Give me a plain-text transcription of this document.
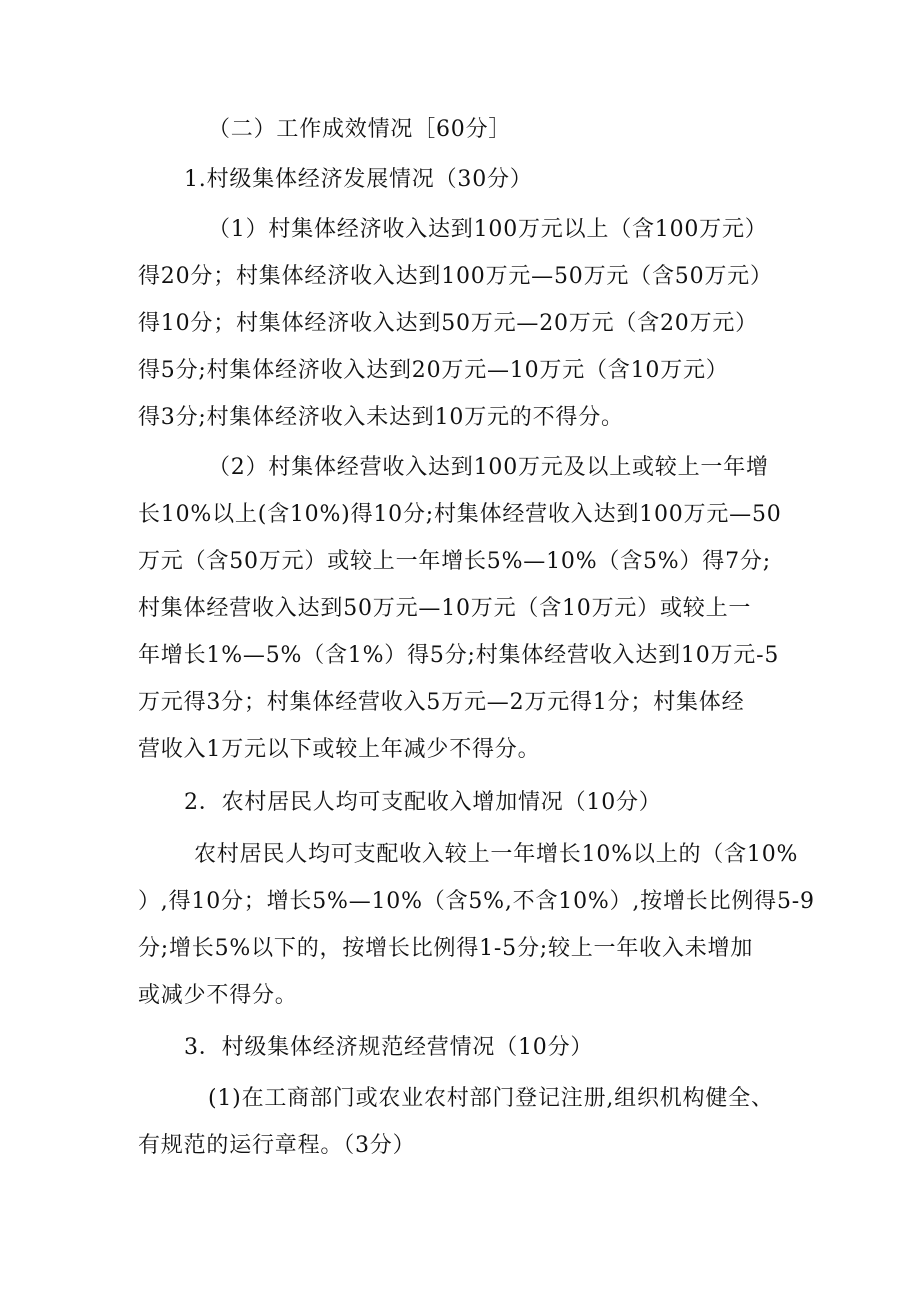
（二）工作成效情况［60分］
1.村级集体经济发展情况（30分）
（1）村集体经济收入达到100万元以上（含100万元）
得20分；村集体经济收入达到100万元—50万元（含50万元）
得10分；村集体经济收入达到50万元—20万元（含20万元）
得5分;村集体经济收入达到20万元—10万元（含10万元）
得3分;村集体经济收入未达到10万元的不得分。
（2）村集体经营收入达到100万元及以上或较上一年增
长10%以上(含10%)得10分;村集体经营收入达到100万元—50
万元（含50万元）或较上一年增长5%—10%（含5%）得7分;
村集体经营收入达到50万元—10万元（含10万元）或较上一
年增长1%—5%（含1%）得5分;村集体经营收入达到10万元-5
万元得3分；村集体经营收入5万元—2万元得1分；村集体经
营收入1万元以下或较上年减少不得分。
2．农村居民人均可支配收入增加情况（10分）
农村居民人均可支配收入较上一年增长10%以上的（含10%
）,得10分；增长5%—10%（含5%,不含10%）,按增长比例得5-9
分;增长5%以下的，按增长比例得1-5分;较上一年收入未增加
或减少不得分。
3．村级集体经济规范经营情况（10分）
(1)在工商部门或农业农村部门登记注册,组织机构健全、
有规范的运行章程。（3分）
